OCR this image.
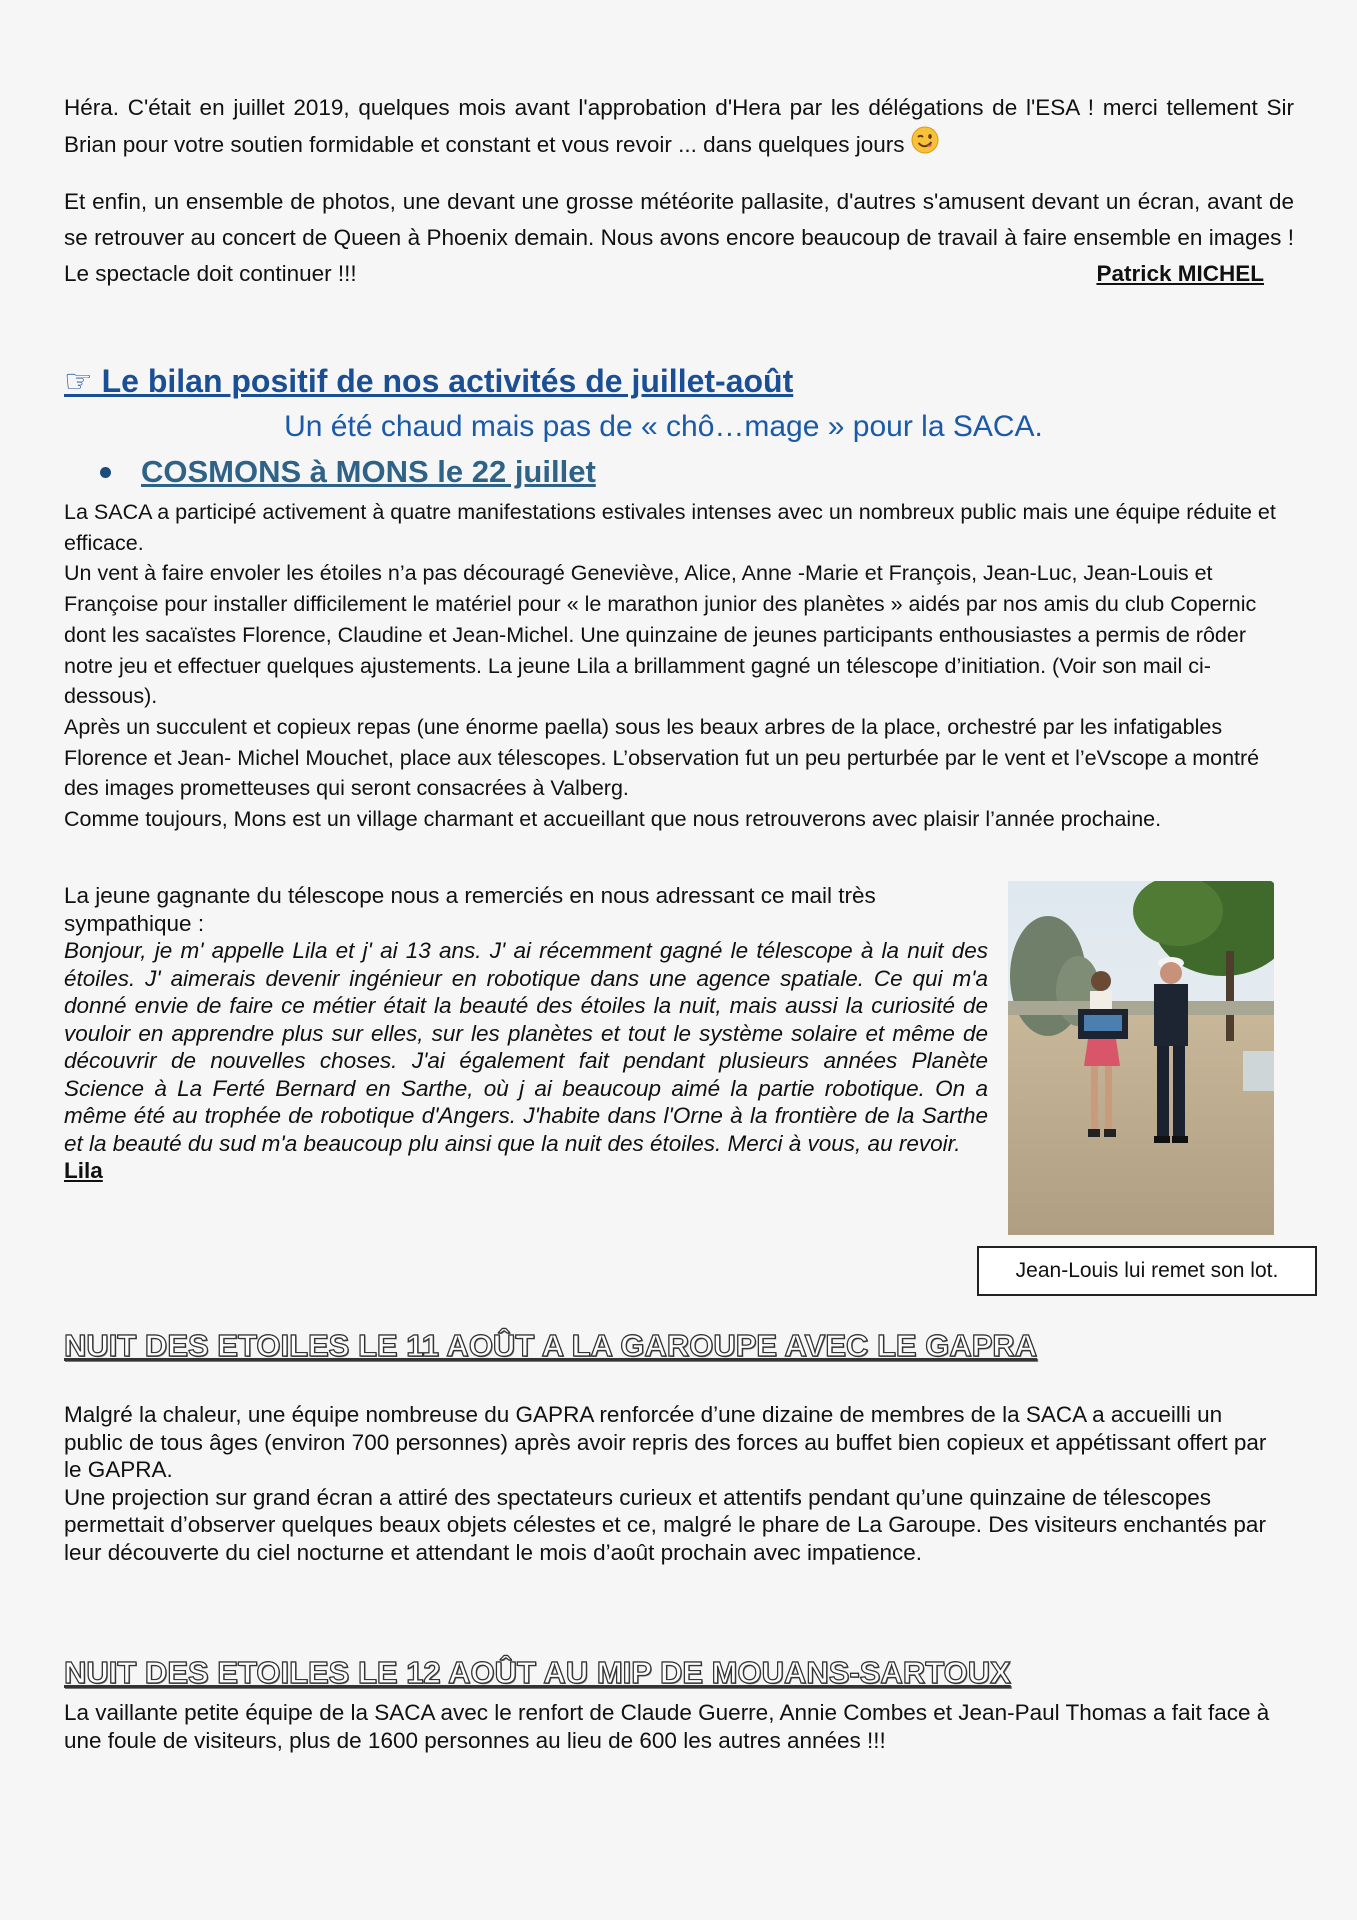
Héra. C'était en juillet 2019, quelques mois avant l'approbation d'Hera par les délégations de l'ESA ! merci tellement Sir Brian pour votre soutien formidable et constant et vous revoir ... dans quelques jours

Et enfin, un ensemble de photos, une devant une grosse météorite pallasite, d'autres s'amusent devant un écran, avant de se retrouver au concert de Queen à Phoenix demain. Nous avons encore beaucoup de travail à faire ensemble en images ! Le spectacle doit continuer !!!	Patrick MICHEL

☞ Le bilan positif de nos activités de juillet-août
Un été chaud mais pas de « chô…mage » pour la SACA.
COSMONS à MONS le 22 juillet

La SACA a participé activement à quatre manifestations estivales intenses avec un nombreux public mais une équipe réduite et efficace.

Un vent à faire envoler les étoiles n’a pas découragé Geneviève, Alice, Anne -Marie et François, Jean-Luc, Jean-Louis et Françoise pour installer difficilement le matériel pour « le marathon junior des planètes » aidés par nos amis du club Copernic dont les sacaïstes Florence, Claudine et Jean-Michel. Une quinzaine de jeunes participants enthousiastes a permis de rôder notre jeu et effectuer quelques ajustements. La jeune Lila a brillamment gagné un télescope d’initiation. (Voir son mail ci-dessous).

Après un succulent et copieux repas (une énorme paella) sous les beaux arbres de la place, orchestré par les infatigables Florence et Jean- Michel Mouchet, place aux télescopes. L’observation fut un peu perturbée par le vent et l’eVscope a montré des images prometteuses qui seront consacrées à Valberg.

Comme toujours, Mons est un village charmant et accueillant que nous retrouverons avec plaisir l’année prochaine.

La jeune gagnante du télescope nous a remerciés en nous adressant ce mail très sympathique :

Bonjour, je m' appelle Lila et j' ai 13 ans. J' ai récemment gagné le télescope à la nuit des étoiles. J' aimerais devenir ingénieur en robotique dans une agence spatiale. Ce qui m'a donné envie de faire ce métier était la beauté des étoiles la nuit, mais aussi la curiosité de vouloir en apprendre plus sur elles, sur les planètes et tout le système solaire et même de découvrir de nouvelles choses. J'ai également fait pendant plusieurs années Planète Science à La Ferté Bernard en Sarthe, où j ai beaucoup aimé la partie robotique. On a même été au trophée de robotique d'Angers. J'habite dans l'Orne à la frontière de la Sarthe et la beauté du sud m'a beaucoup plu ainsi que la nuit des étoiles. Merci à vous, au revoir.

Lila

Jean-Louis lui remet son lot.
NUIT DES ETOILES LE 11 AOÛT A LA GAROUPE AVEC LE GAPRA

Malgré la chaleur, une équipe nombreuse du GAPRA renforcée d’une dizaine de membres de la SACA a accueilli un public de tous âges (environ 700 personnes) après avoir repris des forces au buffet bien copieux et appétissant offert par le GAPRA.

Une projection sur grand écran a attiré des spectateurs curieux et attentifs pendant qu’une quinzaine de télescopes permettait d’observer quelques beaux objets célestes et ce, malgré le phare de La Garoupe. Des visiteurs enchantés par leur découverte du ciel nocturne et attendant le mois d’août prochain avec impatience.

NUIT DES ETOILES LE 12 AOÛT AU MIP DE MOUANS-SARTOUX

La vaillante petite équipe de la SACA avec le renfort de Claude Guerre, Annie Combes et Jean-Paul Thomas a fait face à une foule de visiteurs, plus de 1600 personnes au lieu de 600 les autres années !!!
